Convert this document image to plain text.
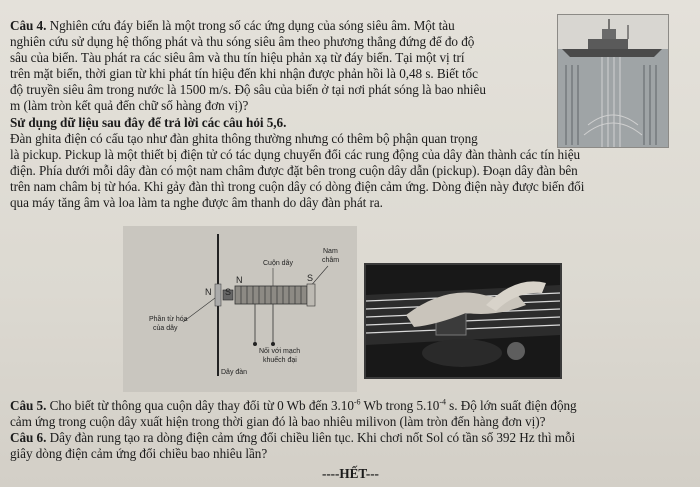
Câu 4. Nghiên cứu đáy biển là một trong số các ứng dụng của sóng siêu âm. Một tàu
nghiên cứu sử dụng hệ thống phát và thu sóng siêu âm theo phương thẳng đứng để đo độ
sâu của biển. Tàu phát ra các siêu âm và thu tín hiệu phản xạ từ đáy biển. Tại một vị trí
trên mặt biển, thời gian từ khi phát tín hiệu đến khi nhận được phản hồi là 0,48 s. Biết tốc
độ truyền siêu âm trong nước là 1500 m/s. Độ sâu của biển ở tại nơi phát sóng là bao nhiêu
m (làm tròn kết quả đến chữ số hàng đơn vị)?
Sử dụng dữ liệu sau đây để trả lời các câu hỏi 5,6.
Đàn ghita điện có cấu tạo như đàn ghita thông thường nhưng có thêm bộ phận quan trọng
là pickup. Pickup là một thiết bị điện tử có tác dụng chuyển đổi các rung động của dây đàn thành các tín hiệu
điện. Phía dưới mỗi dây đàn có một nam châm được đặt bên trong cuộn dây dẫn (pickup). Đoạn dây đàn bên
trên nam châm bị từ hóa. Khi gảy đàn thì trong cuộn dây có dòng điện cảm ứng. Dòng điện này được biến đổi
qua máy tăng âm và loa làm ta nghe được âm thanh do dây đàn phát ra.
Cuộn dây
Nam
châm
N	S
N S
Phần từ hóa
của dây
Nối với mạch
khuếch đại
Dây đàn
Câu 5. Cho biết từ thông qua cuộn dây thay đổi từ 0 Wb đến $3.10^{-6}$ Wb trong $5.10^{-4}$ s. Độ lớn suất điện động
cảm ứng trong cuộn dây xuất hiện trong thời gian đó là bao nhiêu milivon (làm tròn đến hàng đơn vị)?
Câu 6. Dây đàn rung tạo ra dòng điện cảm ứng đổi chiều liên tục. Khi chơi nốt Sol có tần số 392 Hz thì mỗi
giây dòng điện cảm ứng đổi chiều bao nhiêu lần?
----HẾT---
